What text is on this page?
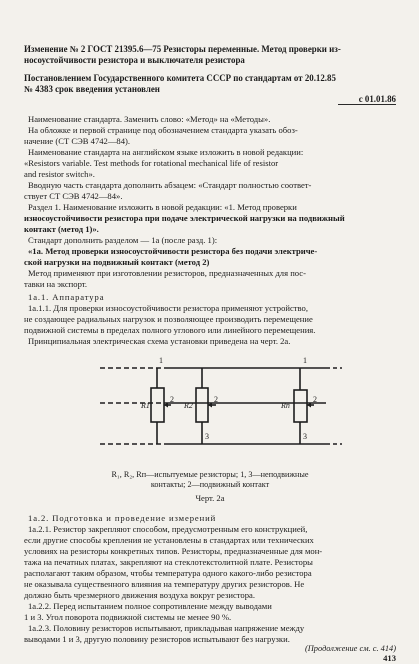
Изменение № 2 ГОСТ 21395.6—75 Резисторы переменные. Метод проверки из-

носоустойчивости резистора и выключателя резистора

Постановлением Государственного комитета СССР по стандартам от 20.12.85

№ 4383 срок введения установлен

с 01.01.86

Наименование стандарта. Заменить слово: «Метод» на «Методы».

На обложке и первой странице под обозначением стандарта указать обоз-

начение (СТ СЭВ 4742—84).

Наименование стандарта на английском языке изложить в новой редакции:

«Resistors variable. Test methods for rotational mechanical life of resistor

and resistor switch».

Вводную часть стандарта дополнить абзацем: «Стандарт полностью соответ-

ствует СТ СЭВ 4742—84».

Раздел 1. Наименование изложить в новой редакции: «1. Метод проверки

износоустойчивости резистора при подаче электрической нагрузки на подвижный

контакт (метод 1)».

Стандарт дополнить разделом — 1а (после разд. 1):

«1а. Метод проверки износоустойчивости резистора без подачи электриче-

ской нагрузки на подвижный контакт (метод 2)

Метод применяют при изготовлении резисторов, предназначенных для пос-

тавки на экспорт.

1а.1. Аппаратура

1а.1.1. Для проверки износоустойчивости резистора применяют устройство,

не создающее радиальных нагрузок и позволяющее производить перемещение

подвижной системы в пределах полного углового или линейного перемещения.

Принципиальная электрическая схема установки приведена на черт. 2а.

1	1
2	2	2
3	3
R1	R2	Rп

R₁, R₂, Rп—испытуемые резисторы; 1, 3—неподвижные

контакты; 2—подвижный контакт

Черт. 2а

1а.2. Подготовка и проведение измерений

1а.2.1. Резистор закрепляют способом, предусмотренным его конструкцией,

если другие способы крепления не установлены в стандартах или технических

условиях на резисторы конкретных типов. Резисторы, предназначенные для мон-

тажа на печатных платах, закрепляют на стеклотекстолитной плате. Резисторы

располагают таким образом, чтобы температура одного какого-либо резистора

не оказывала существенного влияния на температуру других резисторов. Не

должно быть чрезмерного движения воздуха вокруг резистора.

1а.2.2. Перед испытанием полное сопротивление между выводами

1 и 3. Угол поворота подвижной системы не менее 90 %.

1а.2.3. Половину резисторов испытывают, прикладывая напряжение между

выводами 1 и 3, другую половину резисторов испытывают без нагрузки.

(Продолжение см. с. 414)

413
